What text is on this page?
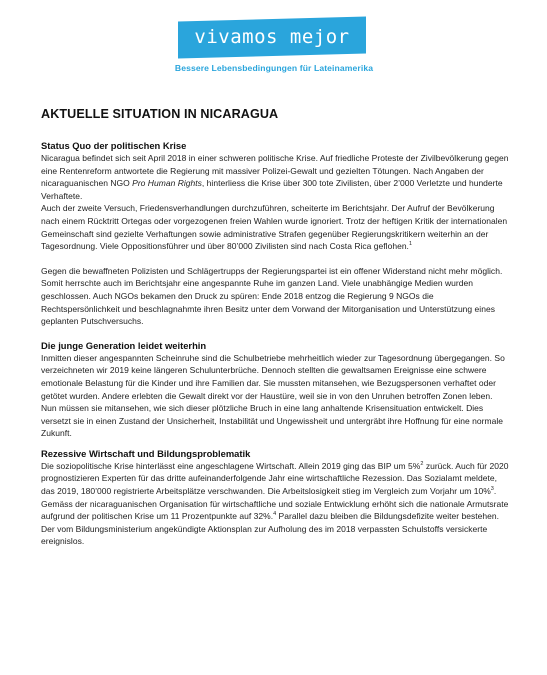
vivamos mejor
Bessere Lebensbedingungen für Lateinamerika
AKTUELLE SITUATION IN NICARAGUA
Status Quo der politischen Krise

Nicaragua befindet sich seit April 2018 in einer schweren politische Krise. Auf friedliche Proteste der Zivilbevölkerung gegen eine Rentenreform antwortete die Regierung mit massiver Polizei-Gewalt und gezielten Tötungen. Nach Angaben der nicaraguanischen NGO Pro Human Rights, hinterliess die Krise über 300 tote Zivilisten, über 2’000 Verletzte und hunderte Verhaftete.

Auch der zweite Versuch, Friedensverhandlungen durchzuführen, scheiterte im Berichtsjahr. Der Aufruf der Bevölkerung nach einem Rücktritt Ortegas oder vorgezogenen freien Wahlen wurde ignoriert. Trotz der heftigen Kritik der internationalen Gemeinschaft sind gezielte Verhaftungen sowie administrative Strafen gegenüber Regierungskritikern weiterhin an der Tagesordnung. Viele Oppositionsführer und über 80’000 Zivilisten sind nach Costa Rica geflohen.$^1$

Gegen die bewaffneten Polizisten und Schlägertrupps der Regierungspartei ist ein offener Widerstand nicht mehr möglich. Somit herrschte auch im Berichtsjahr eine angespannte Ruhe im ganzen Land. Viele unabhängige Medien wurden geschlossen. Auch NGOs bekamen den Druck zu spüren: Ende 2018 entzog die Regierung 9 NGOs die Rechtspersönlichkeit und beschlagnahmte ihren Besitz unter dem Vorwand der Mitorganisation und Unterstützung eines geplanten Putschversuchs.

Die junge Generation leidet weiterhin

Inmitten dieser angespannten Scheinruhe sind die Schulbetriebe mehrheitlich wieder zur Tagesordnung übergegangen. So verzeichneten wir 2019 keine längeren Schulunterbrüche. Dennoch stellten die gewaltsamen Ereignisse eine schwere emotionale Belastung für die Kinder und ihre Familien dar. Sie mussten mitansehen, wie Bezugspersonen verhaftet oder getötet wurden. Andere erlebten die Gewalt direkt vor der Haustüre, weil sie in von den Unruhen betroffen Zonen leben.

Nun müssen sie mitansehen, wie sich dieser plötzliche Bruch in eine lang anhaltende Krisensituation entwickelt. Dies versetzt sie in einen Zustand der Unsicherheit, Instabilität und Ungewissheit und untergräbt ihre Hoffnung für eine normale Zukunft.

Rezessive Wirtschaft und Bildungsproblematik

Die soziopolitische Krise hinterlässt eine angeschlagene Wirtschaft. Allein 2019 ging das BIP um 5%$^2$ zurück. Auch für 2020 prognostizieren Experten für das dritte aufeinanderfolgende Jahr eine wirtschaftliche Rezession. Das Sozialamt meldete, das 2019, 180’000 registrierte Arbeitsplätze verschwanden. Die Arbeitslosigkeit stieg im Vergleich zum Vorjahr um 10%$^3$. Gemäss der nicaraguanischen Organisation für wirtschaftliche und soziale Entwicklung erhöht sich die nationale Armutsrate aufgrund der politischen Krise um 11 Prozentpunkte auf 32%.$^4$ Parallel dazu bleiben die Bildungsdefizite weiter bestehen. Der vom Bildungsministerium angekündigte Aktionsplan zur Aufholung des im 2018 verpassten Schulstoffs versickerte ereignislos.
